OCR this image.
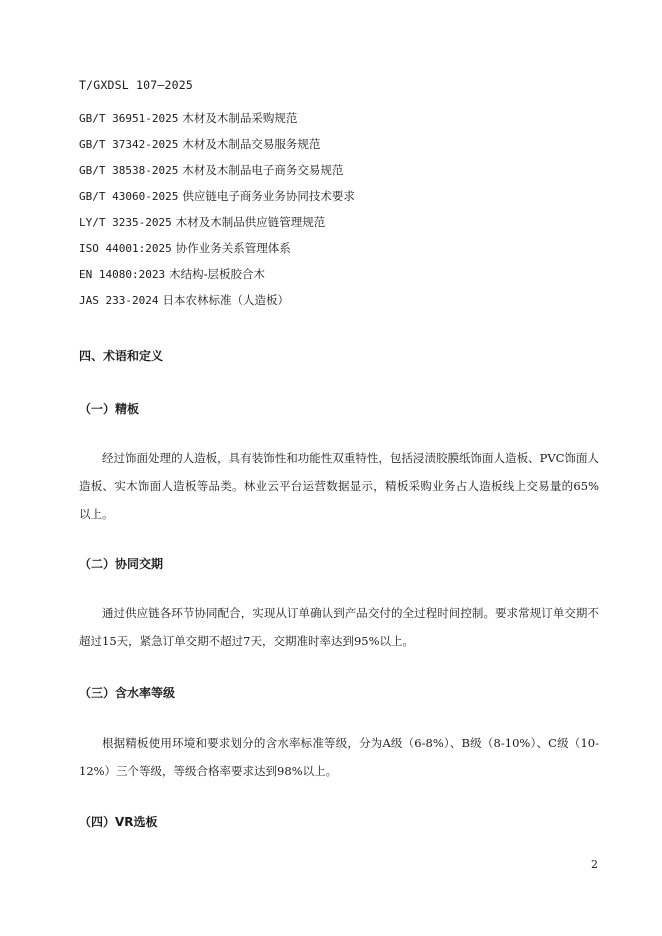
T/GXDSL 107—2025
GB/T 36951-2025 木材及木制品采购规范
GB/T 37342-2025 木材及木制品交易服务规范
GB/T 38538-2025 木材及木制品电子商务交易规范
GB/T 43060-2025 供应链电子商务业务协同技术要求
LY/T 3235-2025 木材及木制品供应链管理规范
ISO 44001:2025 协作业务关系管理体系
EN 14080:2023 木结构-层板胶合木
JAS 233-2024 日本农林标准（人造板）
四、术语和定义
（一）精板

经过饰面处理的人造板，具有装饰性和功能性双重特性，包括浸渍胶膜纸饰面人造板、PVC饰面人造板、实木饰面人造板等品类。林业云平台运营数据显示，精板采购业务占人造板线上交易量的65%以上。

（二）协同交期

通过供应链各环节协同配合，实现从订单确认到产品交付的全过程时间控制。要求常规订单交期不超过15天，紧急订单交期不超过7天，交期准时率达到95%以上。

（三）含水率等级

根据精板使用环境和要求划分的含水率标准等级，分为A级（6-8%）、B级（8-10%）、C级（10-12%）三个等级，等级合格率要求达到98%以上。

（四）VR选板
2
